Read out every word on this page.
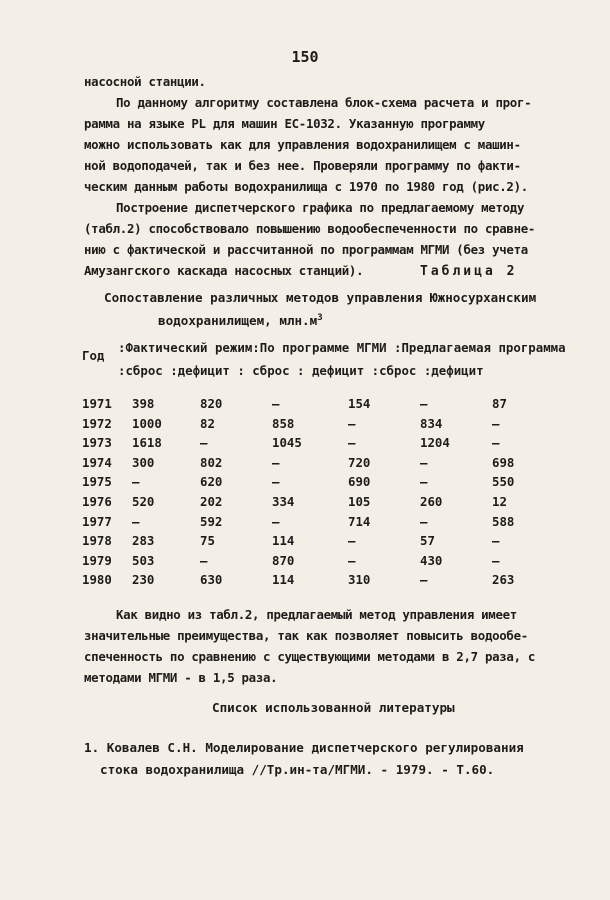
150
насосной станции.
По данному алгоритму составлена блок-схема расчета и прог-
рамма на языке PL для машин ЕС-1032. Указанную программу
можно использовать как для управления водохранилищем с машин-
ной водоподачей, так и без нее. Проверяли программу по факти-
ческим данным работы водохранилища с 1970 по 1980 год (рис.2).
Построение диспетчерского графика по предлагаемому методу
(табл.2) способствовало повышению водообеспеченности по сравне-
нию с фактической и рассчитанной по программам МГМИ (без учета
Амузангского каскада насосных станций).	Таблица 2
Сопоставление различных методов управления Южносурханским
водохранилищем, $млн.м^3$
Год
:Фактический режим:По программе МГМИ :Предлагаемая программа
:сброс :дефицит : сброс : дефицит :сброс :дефицит
1971 398	820	–	154	–	87
1972 1000	82	858	–	834	–
1973 1618	–	1045	–	1204	–
1974 300	802	–	720	–	698
1975 –	620	–	690	–	550
1976 520	202	334	105	260	12
1977 –	592	–	714	–	588
1978 283	75	114	–	57	–
1979 503	–	870	–	430	–
1980 230	630	114	310	–	263
Как видно из табл.2, предлагаемый метод управления имеет
значительные преимущества, так как позволяет повысить водообе-
спеченность по сравнению с существующими методами в 2,7 раза, с
методами МГМИ - в 1,5 раза.
Список использованной литературы
1. Ковалев С.Н. Моделирование диспетчерского регулирования
стока водохранилища //Тр.ин-та/МГМИ. - 1979. - Т.60.
